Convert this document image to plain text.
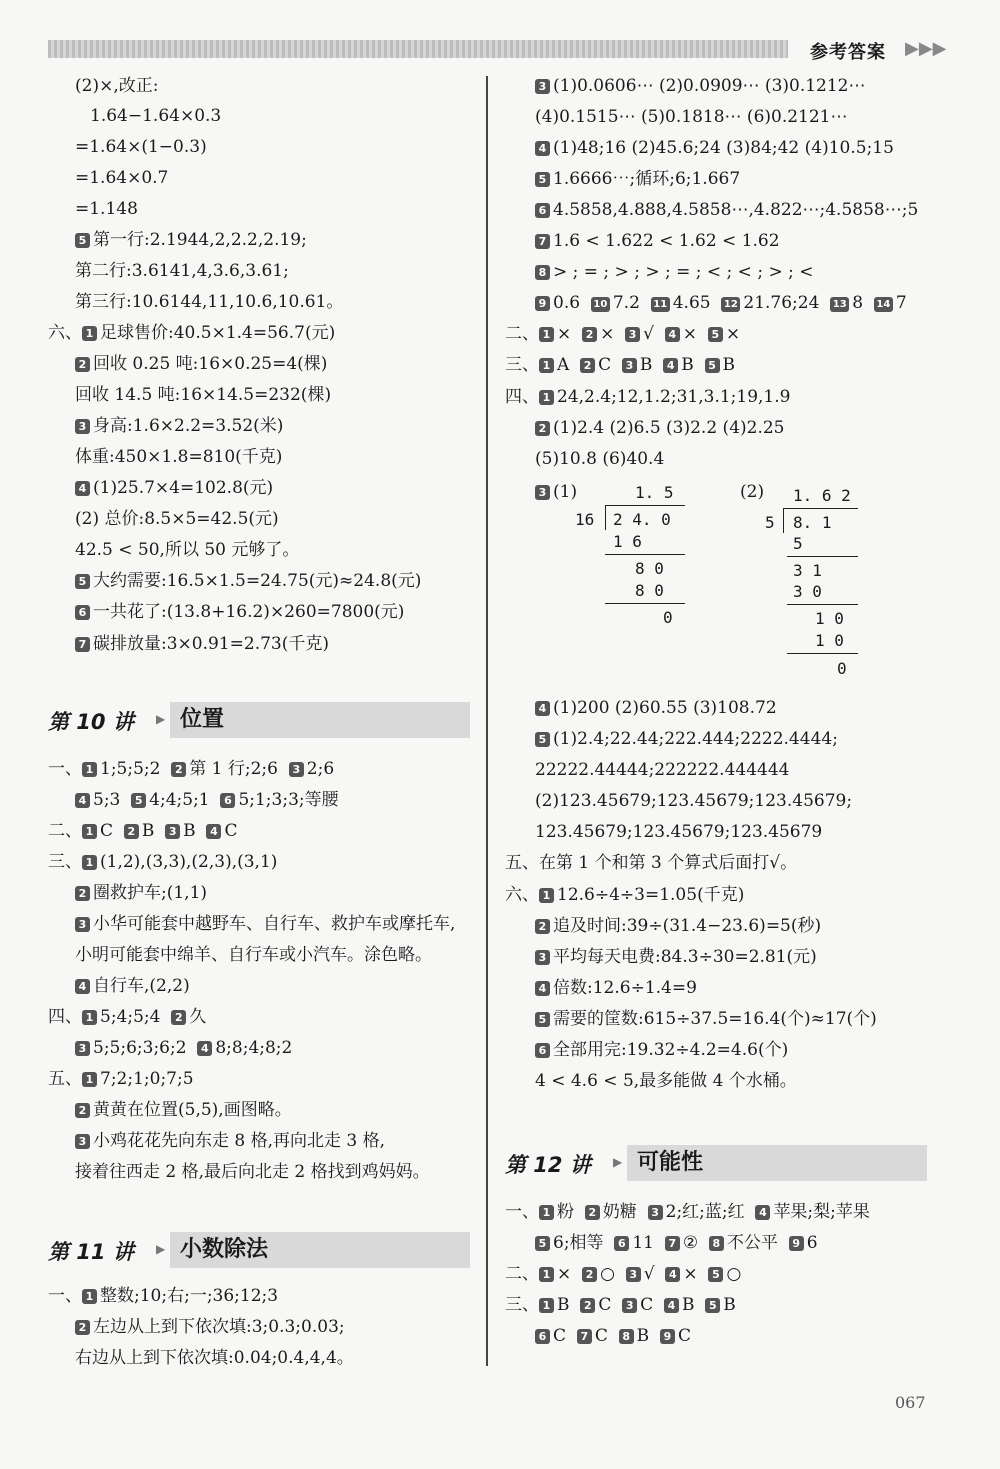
参考答案 ▶▶▶
(2)×,改正:
1.64−1.64×0.3
=1.64×(1−0.3)
=1.64×0.7
=1.148
5 第一行:2.1944,2,2.2,2.19;
第二行:3.6141,4,3.6,3.61;
第三行:10.6144,11,10.6,10.61。
六、 1 足球售价:40.5×1.4=56.7(元)
2 回收 0.25 吨:16×0.25=4(棵)
回收 14.5 吨:16×14.5=232(棵)
3 身高:1.6×2.2=3.52(米)
体重:450×1.8=810(千克)
4 (1)25.7×4=102.8(元)
(2) 总价:8.5×5=42.5(元)
42.5 < 50,所以 50 元够了。
5 大约需要:16.5×1.5=24.75(元)≈24.8(元)
6 一共花了:(13.8+16.2)×260=7800(元)
7 碳排放量:3×0.91=2.73(千克)
第 10 讲 ▶ 位置
一、 1 1;5;5;2 2 第 1 行;2;6 3 2;6
4 5;3 5 4;4;5;1 6 5;1;3;3;等腰
二、 1 C 2 B 3 B 4 C
三、 1 (1,2),(3,3),(2,3),(3,1)
2 圈救护车;(1,1)
3 小华可能套中越野车、自行车、救护车或摩托车,
小明可能套中绵羊、自行车或小汽车。涂色略。
4 自行车,(2,2)
四、 1 5;4;5;4 2 久
3 5;5;6;3;6;2 4 8;8;4;8;2
五、 1 7;2;1;0;7;5
2 黄黄在位置(5,5),画图略。
3 小鸡花花先向东走 8 格,再向北走 3 格,
接着往西走 2 格,最后向北走 2 格找到鸡妈妈。
第 11 讲 ▶ 小数除法
一、 1 整数;10;右;一;36;12;3
2 左边从上到下依次填:3;0.3;0.03;
右边从上到下依次填:0.04;0.4,4,4。
3 (1)0.0606⋯ (2)0.0909⋯ (3)0.1212⋯
(4)0.1515⋯ (5)0.1818⋯ (6)0.2121⋯
4 (1)48;16 (2)45.6;24 (3)84;42 (4)10.5;15
5 1.6666⋯;循环;6;1.667
6 4.5858,4.888,4.5858⋯,4.822⋯;4.5858⋯;5
7 1.6 < 1.622 < 1.62 < 1.62
8 > ; = ; > ; > ; = ; < ; < ; > ; <
9 0.6 10 7.2 11 4.65 12 21.76;24 13 8 14 7
二、 1 × 2 × 3 √ 4 × 5 ×
三、 1 A 2 C 3 B 4 B 5 B
四、 1 24,2.4;12,1.2;31,3.1;19,1.9
2 (1)2.4 (2)6.5 (3)2.2 (4)2.25
(5)10.8 (6)40.4
3 (1)	1. 5
16 2 4. 0
1 6
8 0
8 0
0
(2) 1. 6 2
5 8. 1
5
3 1
3 0
1 0
1 0
0
4 (1)200 (2)60.55 (3)108.72
5 (1)2.4;22.44;222.444;2222.4444;
22222.44444;222222.444444
(2)123.45679;123.45679;123.45679;
123.45679;123.45679;123.45679
五、在第 1 个和第 3 个算式后面打√。
六、 1 12.6÷4÷3=1.05(千克)
2 追及时间:39÷(31.4−23.6)=5(秒)
3 平均每天电费:84.3÷30=2.81(元)
4 倍数:12.6÷1.4=9
5 需要的筐数:615÷37.5=16.4(个)≈17(个)
6 全部用完:19.32÷4.2=4.6(个)
4 < 4.6 < 5,最多能做 4 个水桶。
第 12 讲 ▶ 可能性
一、 1 粉 2 奶糖 3 2;红;蓝;红 4 苹果;梨;苹果
5 6;相等 6 11 7 ② 8 不公平 9 6
二、 1 × 2 ○ 3 √ 4 × 5 ○
三、 1 B 2 C 3 C 4 B 5 B
6 C 7 C 8 B 9 C
067
